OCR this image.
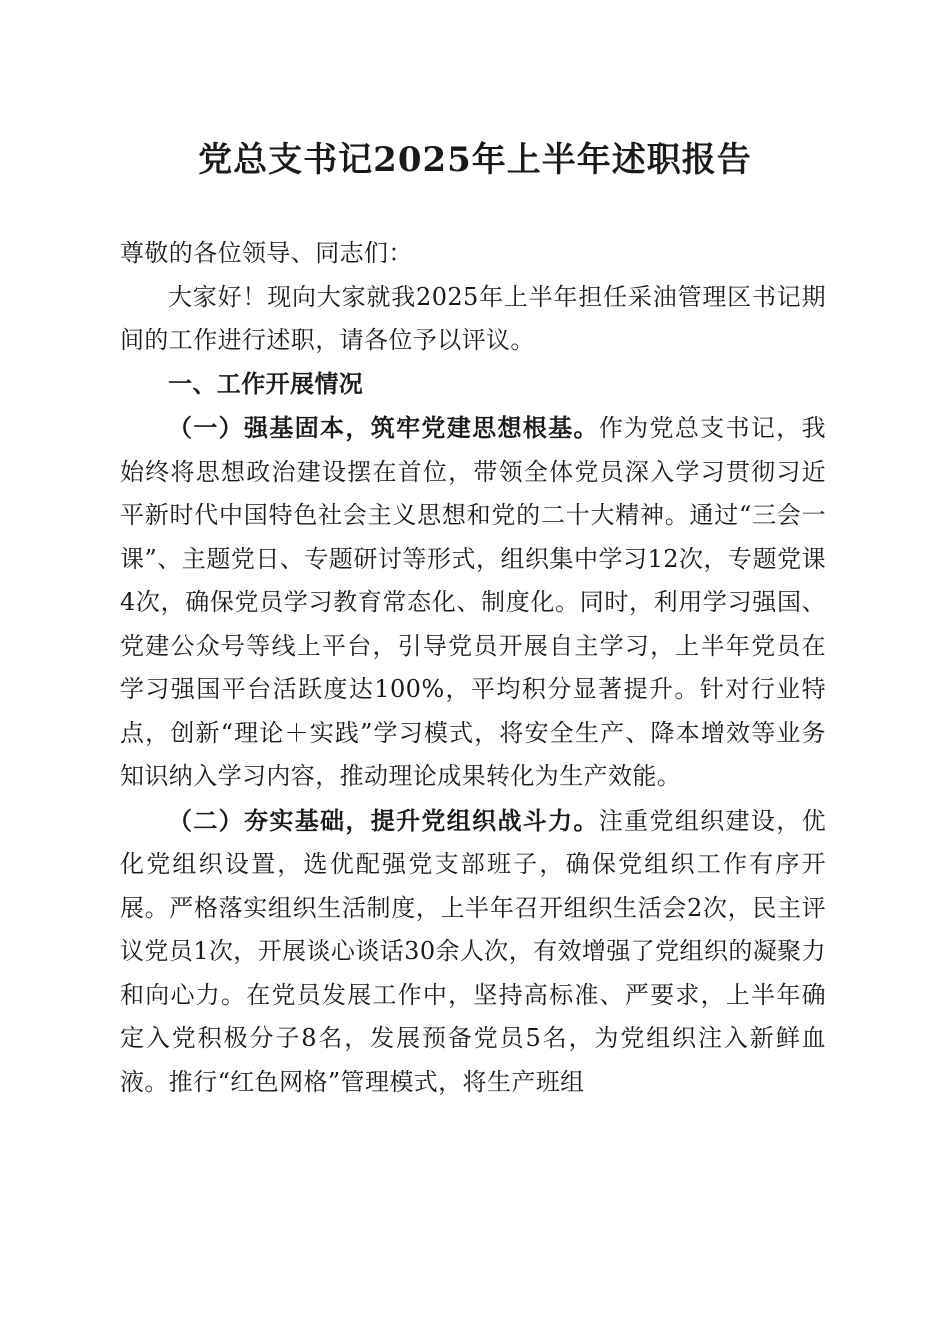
党总支书记2025年上半年述职报告

尊敬的各位领导、同志们：

大家好！现向大家就我2025年上半年担任采油管理区书记期间的工作进行述职，请各位予以评议。

一、工作开展情况

（一）强基固本，筑牢党建思想根基。作为党总支书记，我始终将思想政治建设摆在首位，带领全体党员深入学习贯彻习近平新时代中国特色社会主义思想和党的二十大精神。通过“三会一课”、主题党日、专题研讨等形式，组织集中学习12次，专题党课4次，确保党员学习教育常态化、制度化。同时，利用学习强国、党建公众号等线上平台，引导党员开展自主学习，上半年党员在学习强国平台活跃度达100%，平均积分显著提升。针对行业特点，创新“理论＋实践”学习模式，将安全生产、降本增效等业务知识纳入学习内容，推动理论成果转化为生产效能。

（二）夯实基础，提升党组织战斗力。注重党组织建设，优化党组织设置，选优配强党支部班子，确保党组织工作有序开展。严格落实组织生活制度，上半年召开组织生活会2次，民主评议党员1次，开展谈心谈话30余人次，有效增强了党组织的凝聚力和向心力。在党员发展工作中，坚持高标准、严要求，上半年确定入党积极分子8名，发展预备党员5名，为党组织注入新鲜血液。推行“红色网格”管理模式，将生产班组
